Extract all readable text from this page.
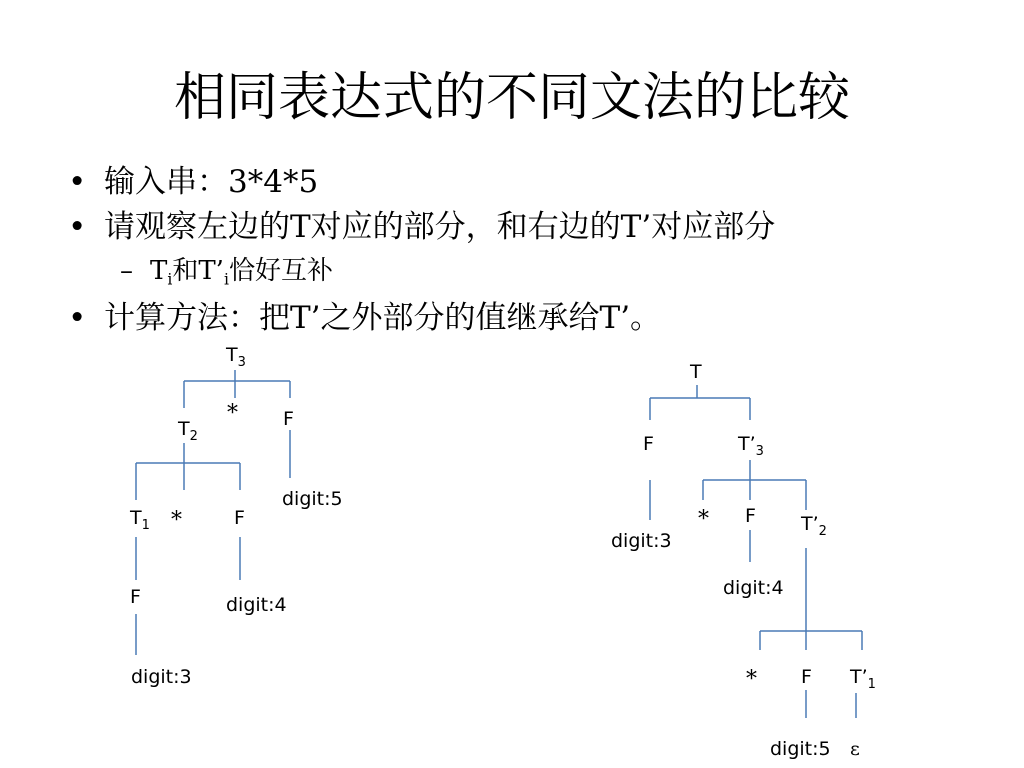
相同表达式的不同文法的比较
• 输入串：3*4*5
• 请观察左边的T对应的部分，和右边的T’对应部分
– $T_i$和$T’_i$恰好互补
• 计算方法：把T’之外部分的值继承给T’。
$T_3$
* F
$T_2$
digit:5
$T_1$ *	F
F	digit:4
digit:3
T
F	$T’_3$
* F $T’_2$
digit:3
digit:4
* F $T’_1$
digit:5 ε
